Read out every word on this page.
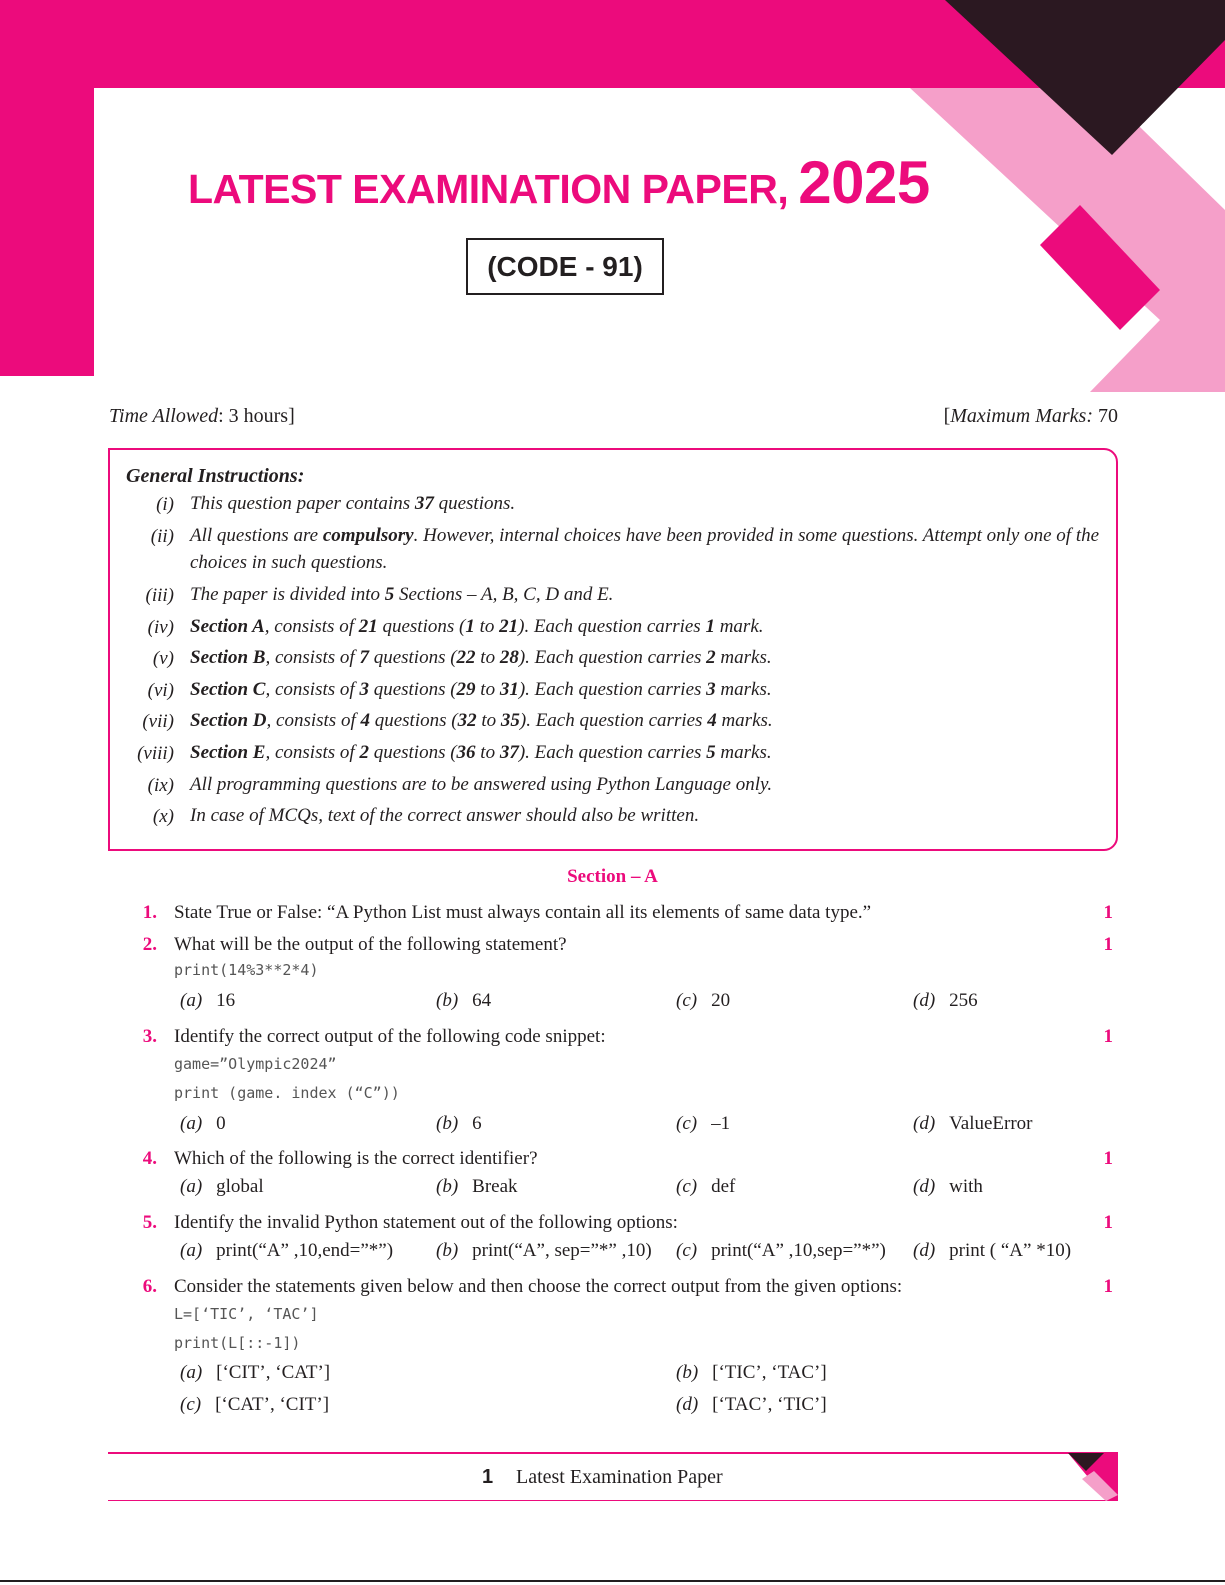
LATEST EXAMINATION PAPER, 2025
(CODE - 91)
Time Allowed: 3 hours]	[Maximum Marks: 70
General Instructions:
(i) This question paper contains 37 questions.
(ii) All questions are compulsory. However, internal choices have been provided in some questions. Attempt only one of the choices in such questions.
(iii) The paper is divided into 5 Sections – A, B, C, D and E.
(iv) Section A, consists of 21 questions (1 to 21). Each question carries 1 mark.
(v) Section B, consists of 7 questions (22 to 28). Each question carries 2 marks.
(vi) Section C, consists of 3 questions (29 to 31). Each question carries 3 marks.
(vii) Section D, consists of 4 questions (32 to 35). Each question carries 4 marks.
(viii) Section E, consists of 2 questions (36 to 37). Each question carries 5 marks.
(ix) All programming questions are to be answered using Python Language only.
(x) In case of MCQs, text of the correct answer should also be written.
Section – A
1. State True or False: “A Python List must always contain all its elements of same data type.”	1
2. What will be the output of the following statement?	1
print(14%3**2*4)
(a) 16	(b) 64	(c) 20	(d) 256
3. Identify the correct output of the following code snippet:	1
game=”Olympic2024”
print (game. index (“C”))
(a) 0	(b) 6	(c) –1	(d) ValueError
4. Which of the following is the correct identifier?	1
(a) global	(b) Break	(c) def	(d) with
5. Identify the invalid Python statement out of the following options:	1
(a) print(“A” ,10,end=”*”) (b) print(“A”, sep=”*” ,10) (c) print(“A” ,10,sep=”*”) (d) print ( “A” *10)
6. Consider the statements given below and then choose the correct output from the given options:	1
L=[‘TIC’, ‘TAC’]
print(L[::-1])
(a) [‘CIT’, ‘CAT’]	(b) [‘TIC’, ‘TAC’]
(c) [‘CAT’, ‘CIT’]	(d) [‘TAC’, ‘TIC’]
1 Latest Examination Paper
